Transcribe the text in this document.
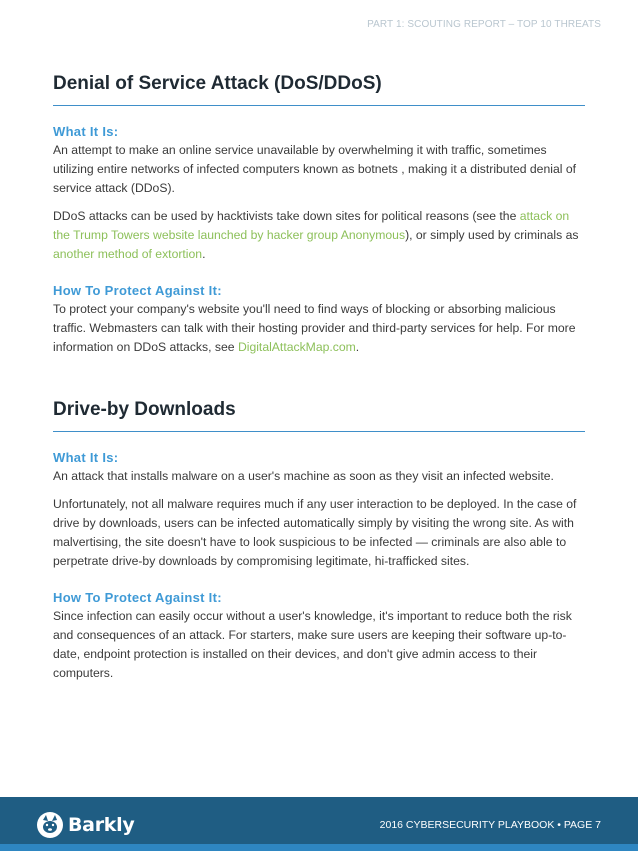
PART 1: SCOUTING REPORT – TOP 10 THREATS
Denial of Service Attack (DoS/DDoS)

What It Is:

An attempt to make an online service unavailable by overwhelming it with traffic, sometimes utilizing entire networks of infected computers known as botnets , making it a distributed denial of service attack (DDoS).

DDoS attacks can be used by hacktivists take down sites for political reasons (see the attack on the Trump Towers website launched by hacker group Anonymous), or simply used by criminals as another method of extortion.

How To Protect Against It:

To protect your company's website you'll need to find ways of blocking or absorbing malicious traffic. Webmasters can talk with their hosting provider and third-party services for help. For more information on DDoS attacks, see DigitalAttackMap.com.

Drive-by Downloads

What It Is:

An attack that installs malware on a user's machine as soon as they visit an infected website.

Unfortunately, not all malware requires much if any user interaction to be deployed. In the case of drive by downloads, users can be infected automatically simply by visiting the wrong site. As with malvertising, the site doesn't have to look suspicious to be infected — criminals are also able to perpetrate drive-by downloads by compromising legitimate, hi-trafficked sites.

How To Protect Against It:

Since infection can easily occur without a user's knowledge, it's important to reduce both the risk and consequences of an attack. For starters, make sure users are keeping their software up-to-date, endpoint protection is installed on their devices, and don't give admin access to their computers.

Barkly	2016 CYBERSECURITY PLAYBOOK • PAGE 7
